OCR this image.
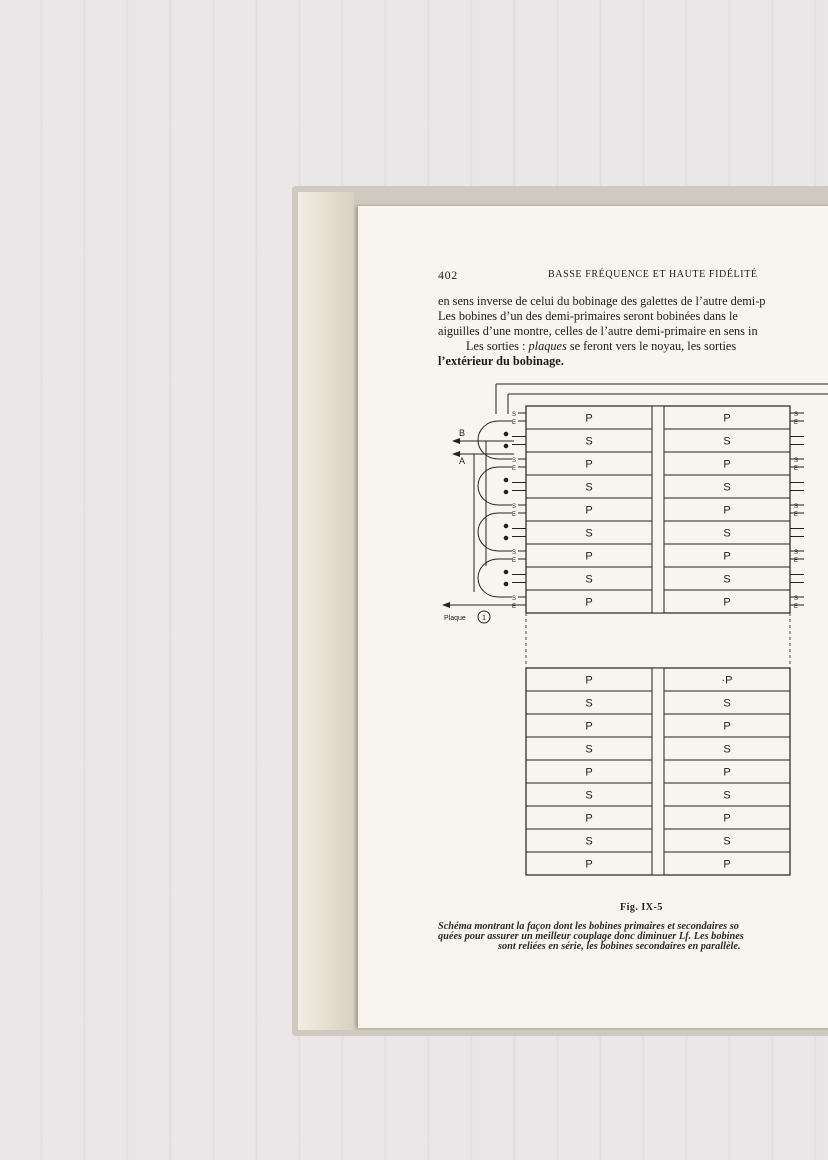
402	BASSE FRÉQUENCE ET HAUTE FIDÉLITÉ
en sens inverse de celui du bobinage des galettes de l’autre demi-p
Les bobines d’un des demi-primaires seront bobinées dans le
aiguilles d’une montre, celles de l’autre demi-primaire en sens in
Les sorties : plaques se feront vers le noyau, les sorties
l’extérieur du bobinage.
P	P
S	S
P	P
S	S
P	P
S	S
P	P
S	S
P	P
P	·P
S	S
P	P
S	S
P	P
S	S
P	P
S	S
P	P
S
E
S
E
S
E
S
E
S
E
S
E
S
E
S
E
S
E
S
E
B
A
Plaque 1
Fig. IX-5
Schéma montrant la façon dont les bobines primaires et secondaires so
quées pour assurer un meilleur couplage donc diminuer Lf. Les bobines
sont reliées en série, les bobines secondaires en parallèle.
